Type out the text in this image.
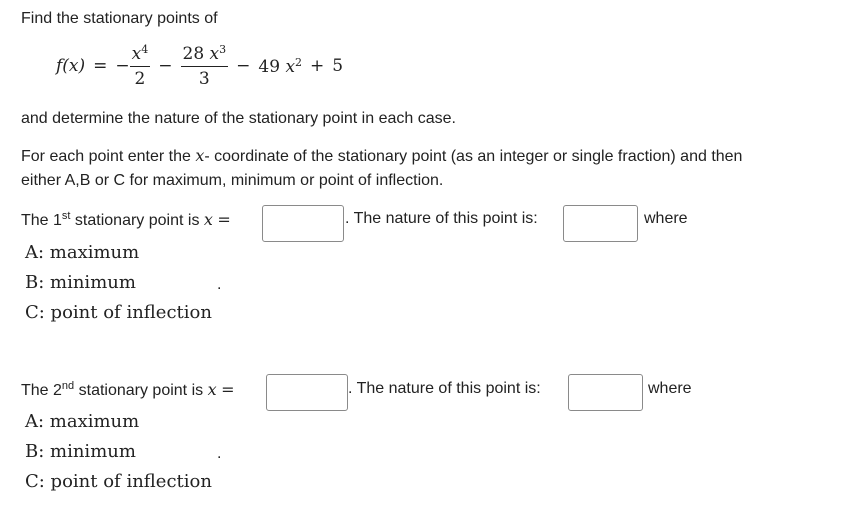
Find the stationary points of
f(x) = − $\frac{x^4}{2} - \frac{28 x^3}{3} - 49$ $x^2 + 5$
and determine the nature of the stationary point in each case.
For each point enter the x- coordinate of the stationary point (as an integer or single fraction) and then
either A,B or C for maximum, minimum or point of inflection.
The 1st stationary point is x =	. The nature of this point is:	where
A: maximum
B: minimum	.
C: point of inflection
The 2nd stationary point is x =	. The nature of this point is:	where
A: maximum
B: minimum	.
C: point of inflection
